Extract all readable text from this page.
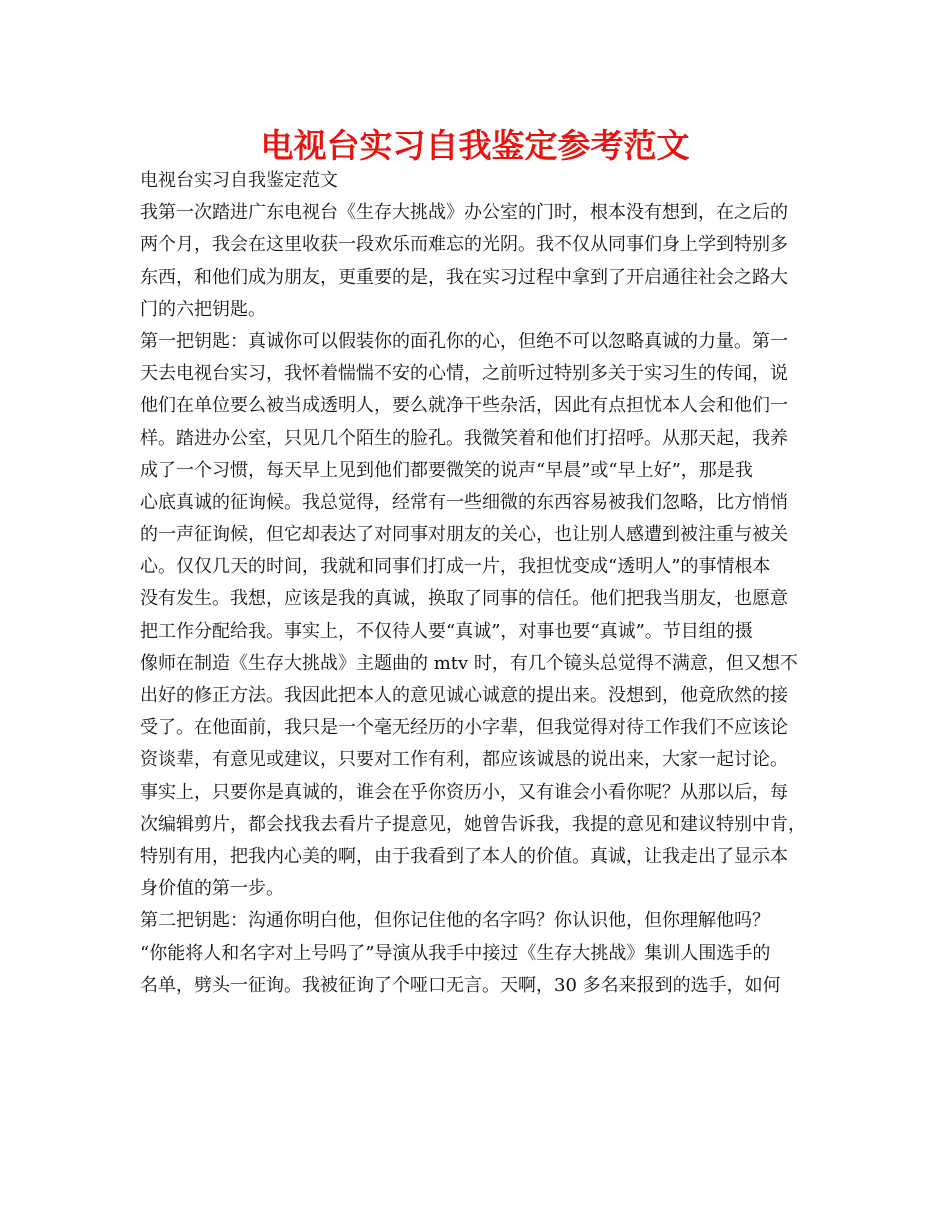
电视台实习自我鉴定参考范文
电视台实习自我鉴定范文
我第一次踏进广东电视台《生存大挑战》办公室的门时，根本没有想到，在之后的
两个月，我会在这里收获一段欢乐而难忘的光阴。我不仅从同事们身上学到特别多
东西，和他们成为朋友，更重要的是，我在实习过程中拿到了开启通往社会之路大
门的六把钥匙。
第一把钥匙：真诚你可以假装你的面孔你的心，但绝不可以忽略真诚的力量。第一
天去电视台实习，我怀着惴惴不安的心情，之前听过特别多关于实习生的传闻，说
他们在单位要么被当成透明人，要么就净干些杂活，因此有点担忧本人会和他们一
样。踏进办公室，只见几个陌生的脸孔。我微笑着和他们打招呼。从那天起，我养
成了一个习惯，每天早上见到他们都要微笑的说声“早晨”或“早上好”，那是我
心底真诚的征询候。我总觉得，经常有一些细微的东西容易被我们忽略，比方悄悄
的一声征询候，但它却表达了对同事对朋友的关心，也让别人感遭到被注重与被关
心。仅仅几天的时间，我就和同事们打成一片，我担忧变成“透明人”的事情根本
没有发生。我想，应该是我的真诚，换取了同事的信任。他们把我当朋友，也愿意
把工作分配给我。事实上，不仅待人要“真诚”，对事也要“真诚”。节目组的摄
像师在制造《生存大挑战》主题曲的 mtv 时，有几个镜头总觉得不满意，但又想不
出好的修正方法。我因此把本人的意见诚心诚意的提出来。没想到，他竟欣然的接
受了。在他面前，我只是一个毫无经历的小字辈，但我觉得对待工作我们不应该论
资谈辈，有意见或建议，只要对工作有利，都应该诚恳的说出来，大家一起讨论。
事实上，只要你是真诚的，谁会在乎你资历小，又有谁会小看你呢？从那以后，每
次编辑剪片，都会找我去看片子提意见，她曾告诉我，我提的意见和建议特别中肯，
特别有用，把我内心美的啊，由于我看到了本人的价值。真诚，让我走出了显示本
身价值的第一步。
第二把钥匙：沟通你明白他，但你记住他的名字吗？你认识他，但你理解他吗？
“你能将人和名字对上号吗了”导演从我手中接过《生存大挑战》集训人围选手的
名单，劈头一征询。我被征询了个哑口无言。天啊，30 多名来报到的选手，如何
